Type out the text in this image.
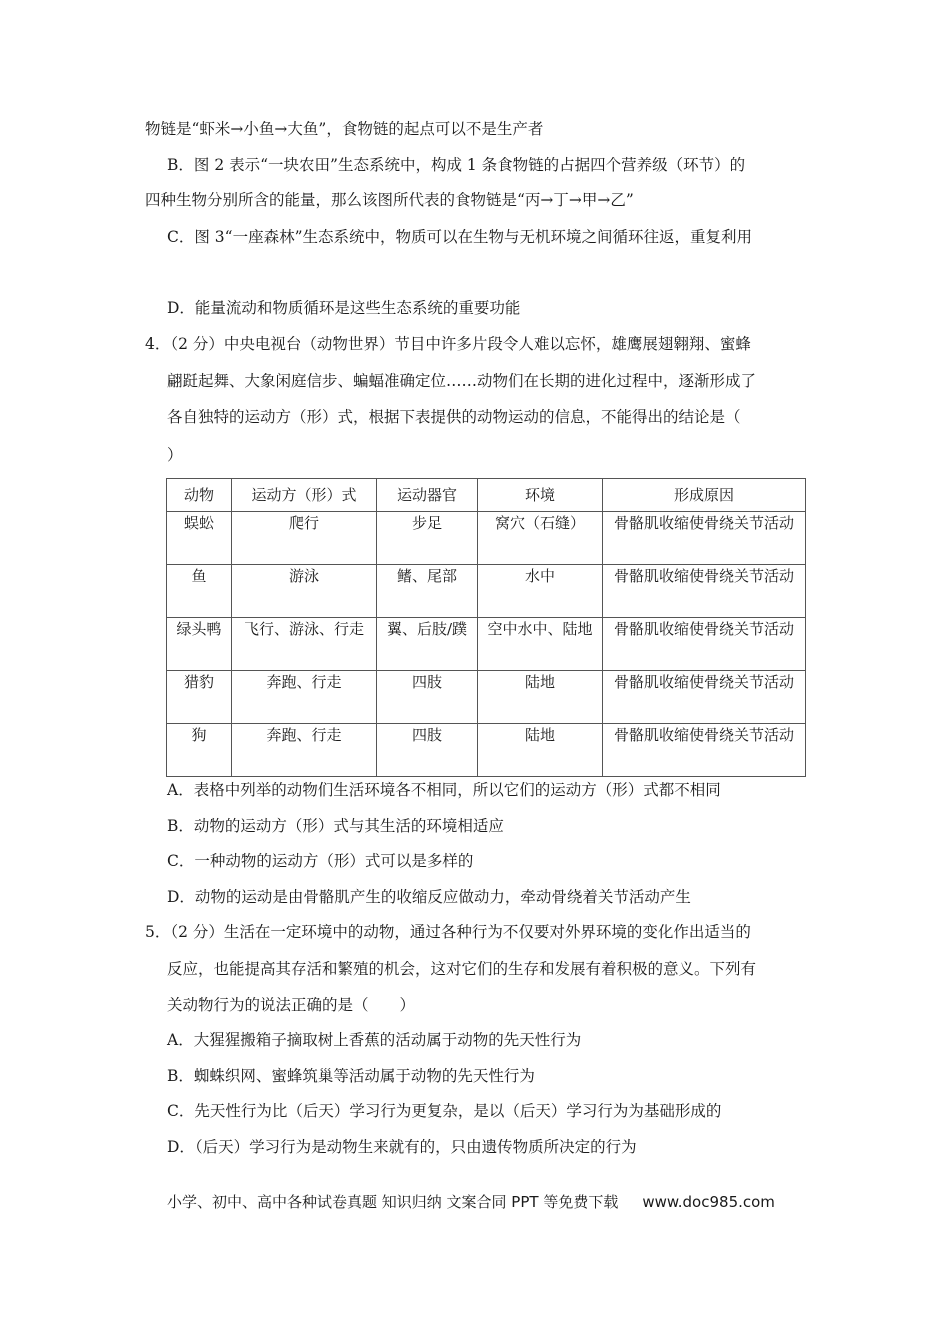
物链是“虾米→小鱼→大鱼”，食物链的起点可以不是生产者
B．图 2 表示“一块农田”生态系统中，构成 1 条食物链的占据四个营养级（环节）的
四种生物分别所含的能量，那么该图所代表的食物链是“丙→丁→甲→乙”
C．图 3“一座森林”生态系统中，物质可以在生物与无机环境之间循环往返，重复利用
D．能量流动和物质循环是这些生态系统的重要功能
4．（2 分）中央电视台（动物世界）节目中许多片段令人难以忘怀，雄鹰展翅翱翔、蜜蜂
翩跹起舞、大象闲庭信步、蝙蝠准确定位……动物们在长期的进化过程中，逐渐形成了
各自独特的运动方（形）式，根据下表提供的动物运动的信息，不能得出的结论是（
）
动物	运动方（形）式	运动器官	环境	形成原因
蜈蚣	爬行	步足	窝穴（石缝）	骨骼肌收缩使骨绕关节活动
鱼	游泳	鳍、尾部	水中	骨骼肌收缩使骨绕关节活动
绿头鸭	飞行、游泳、行走	翼、后肢/蹼	空中水中、陆地	骨骼肌收缩使骨绕关节活动
猎豹	奔跑、行走	四肢	陆地	骨骼肌收缩使骨绕关节活动
狗	奔跑、行走	四肢	陆地	骨骼肌收缩使骨绕关节活动
A．表格中列举的动物们生活环境各不相同，所以它们的运动方（形）式都不相同
B．动物的运动方（形）式与其生活的环境相适应
C．一种动物的运动方（形）式可以是多样的
D．动物的运动是由骨骼肌产生的收缩反应做动力，牵动骨绕着关节活动产生
5．（2 分）生活在一定环境中的动物，通过各种行为不仅要对外界环境的变化作出适当的
反应，也能提高其存活和繁殖的机会，这对它们的生存和发展有着积极的意义。下列有
关动物行为的说法正确的是（　　）
A．大猩猩搬箱子摘取树上香蕉的活动属于动物的先天性行为
B．蜘蛛织网、蜜蜂筑巢等活动属于动物的先天性行为
C．先天性行为比（后天）学习行为更复杂，是以（后天）学习行为为基础形成的
D．（后天）学习行为是动物生来就有的，只由遗传物质所决定的行为
小学、初中、高中各种试卷真题 知识归纳 文案合同 PPT 等免费下载 www.doc985.com
